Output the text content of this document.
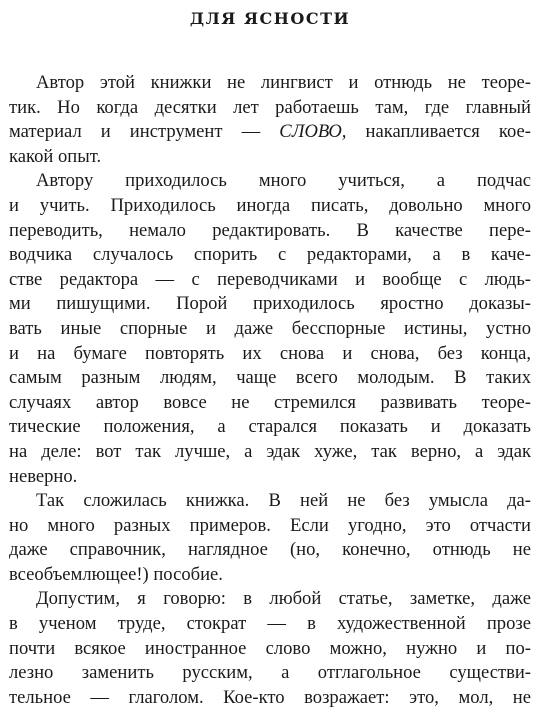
ДЛЯ ЯСНОСТИ

Автор этой книжки не лингвист и отнюдь не теоре-
тик. Но когда десятки лет работаешь там, где главный
материал и инструмент — СЛОВО, накапливается кое-
какой опыт.

Автору приходилось много учиться, а подчас
и учить. Приходилось иногда писать, довольно много
переводить, немало редактировать. В качестве пере-
водчика случалось спорить с редакторами, а в каче-
стве редактора — с переводчиками и вообще с людь-
ми пишущими. Порой приходилось яростно доказы-
вать иные спорные и даже бесспорные истины, устно
и на бумаге повторять их снова и снова, без конца,
самым разным людям, чаще всего молодым. В таких
случаях автор вовсе не стремился развивать теоре-
тические положения, а старался показать и доказать
на деле: вот так лучше, а эдак хуже, так верно, а эдак
неверно.

Так сложилась книжка. В ней не без умысла да-
но много разных примеров. Если угодно, это отчасти
даже справочник, наглядное (но, конечно, отнюдь не
всеобъемлющее!) пособие.

Допустим, я говорю: в любой статье, заметке, даже
в ученом труде, стократ — в художественной прозе
почти всякое иностранное слово можно, нужно и по-
лезно заменить русским, а отглагольное существи-
тельное — глаголом. Кое-кто возражает: это, мол, не
